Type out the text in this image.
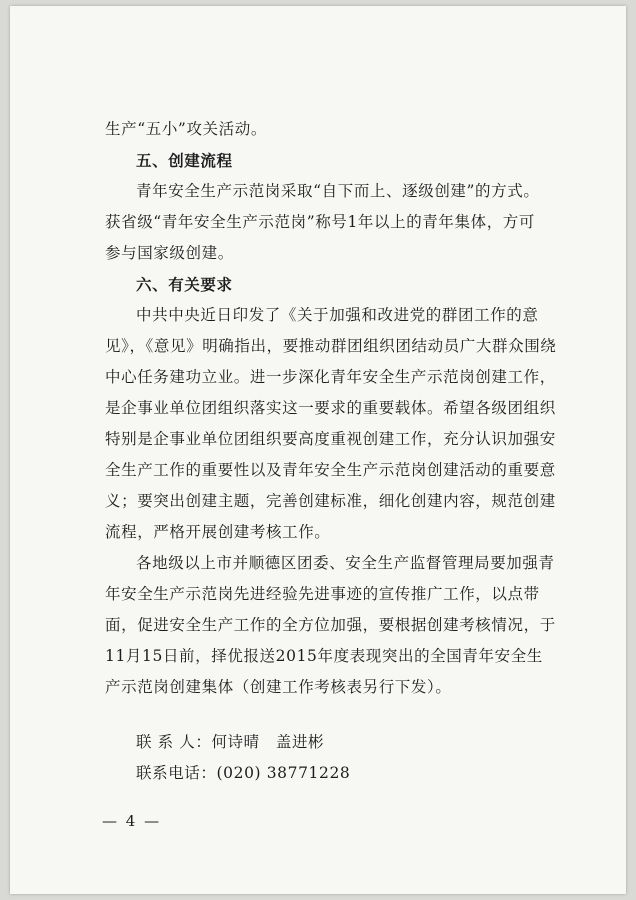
生产“五小”攻关活动。
五、创建流程
青年安全生产示范岗采取“自下而上、逐级创建”的方式。
获省级“青年安全生产示范岗”称号1年以上的青年集体，方可
参与国家级创建。
六、有关要求
中共中央近日印发了《关于加强和改进党的群团工作的意
见》，《意见》明确指出，要推动群团组织团结动员广大群众围绕
中心任务建功立业。进一步深化青年安全生产示范岗创建工作，
是企事业单位团组织落实这一要求的重要载体。希望各级团组织
特别是企事业单位团组织要高度重视创建工作，充分认识加强安
全生产工作的重要性以及青年安全生产示范岗创建活动的重要意
义；要突出创建主题，完善创建标准，细化创建内容，规范创建
流程，严格开展创建考核工作。
各地级以上市并顺德区团委、安全生产监督管理局要加强青
年安全生产示范岗先进经验先进事迹的宣传推广工作，以点带
面，促进安全生产工作的全方位加强，要根据创建考核情况，于
11月15日前，择优报送2015年度表现突出的全国青年安全生
产示范岗创建集体（创建工作考核表另行下发）。
联 系 人：何诗晴　盖进彬
联系电话：(020) 38771228
— 4 —
